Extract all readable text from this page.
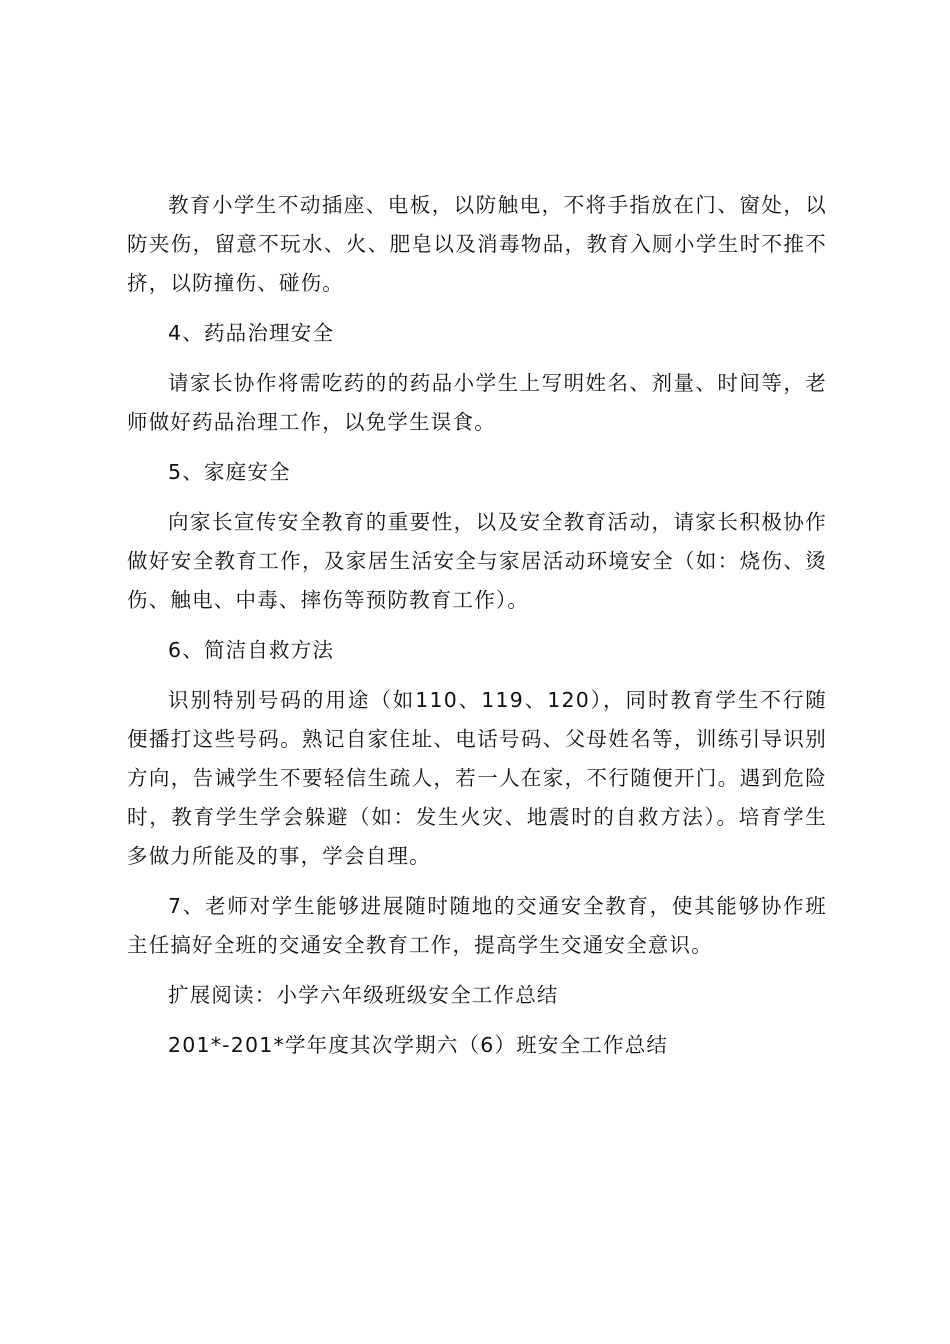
教育小学生不动插座、电板，以防触电，不将手指放在门、窗处，以防夹伤，留意不玩水、火、肥皂以及消毒物品，教育入厕小学生时不推不挤，以防撞伤、碰伤。

4、药品治理安全

请家长协作将需吃药的的药品小学生上写明姓名、剂量、时间等，老师做好药品治理工作，以免学生误食。

5、家庭安全

向家长宣传安全教育的重要性，以及安全教育活动，请家长积极协作做好安全教育工作，及家居生活安全与家居活动环境安全（如：烧伤、烫伤、触电、中毒、摔伤等预防教育工作）。

6、简洁自救方法

识别特别号码的用途（如110、119、120），同时教育学生不行随便播打这些号码。熟记自家住址、电话号码、父母姓名等，训练引导识别方向，告诫学生不要轻信生疏人，若一人在家，不行随便开门。遇到危险时，教育学生学会躲避（如：发生火灾、地震时的自救方法）。培育学生多做力所能及的事，学会自理。

7、老师对学生能够进展随时随地的交通安全教育，使其能够协作班主任搞好全班的交通安全教育工作，提高学生交通安全意识。

扩展阅读：小学六年级班级安全工作总结

201*-201*学年度其次学期六（6）班安全工作总结
